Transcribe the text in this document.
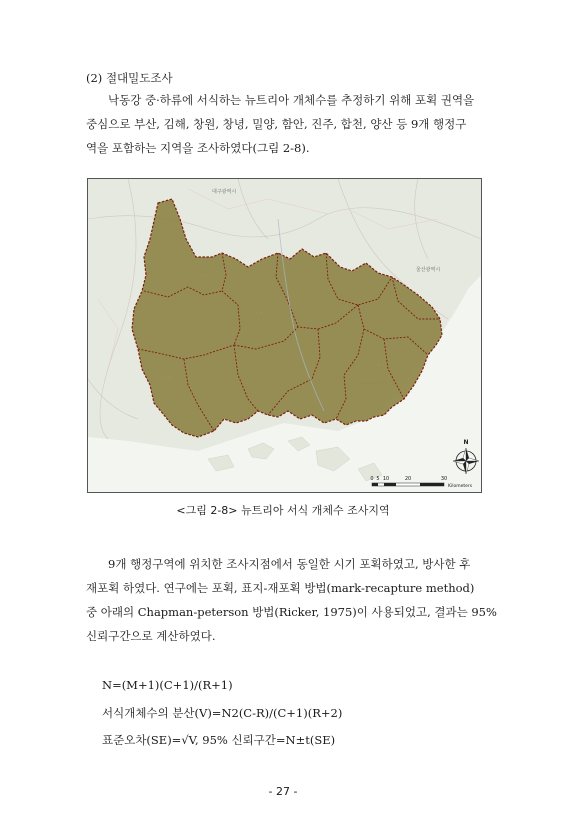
(2) 절대밀도조사

낙동강 중·하류에 서식하는 뉴트리아 개체수를 추정하기 위해 포획 권역을
중심으로 부산, 김해, 창원, 창녕, 밀양, 함안, 진주, 합천, 양산 등 9개 행정구
역을 포함하는 지역을 조사하였다(그림 2-8).

대구광역시
울산광역시
◦ ◦
◦ ◦
◦ ◦
◦ ◦
N
0 5 10	20	30
Kilometers
<그림 2-8> 뉴트리아 서식 개체수 조사지역

9개 행정구역에 위치한 조사지점에서 동일한 시기 포획하였고, 방사한 후
재포획 하였다. 연구에는 포획, 표지-재포획 방법(mark-recapture method)
중 아래의 Chapman-peterson 방법(Ricker, 1975)이 사용되었고, 결과는 95%
신뢰구간으로 계산하였다.

N=(M+1)(C+1)/(R+1)
서식개체수의 분산(V)=N2(C-R)/(C+1)(R+2)
표준오차(SE)=√V, 95% 신뢰구간=N±t(SE)
- 27 -
